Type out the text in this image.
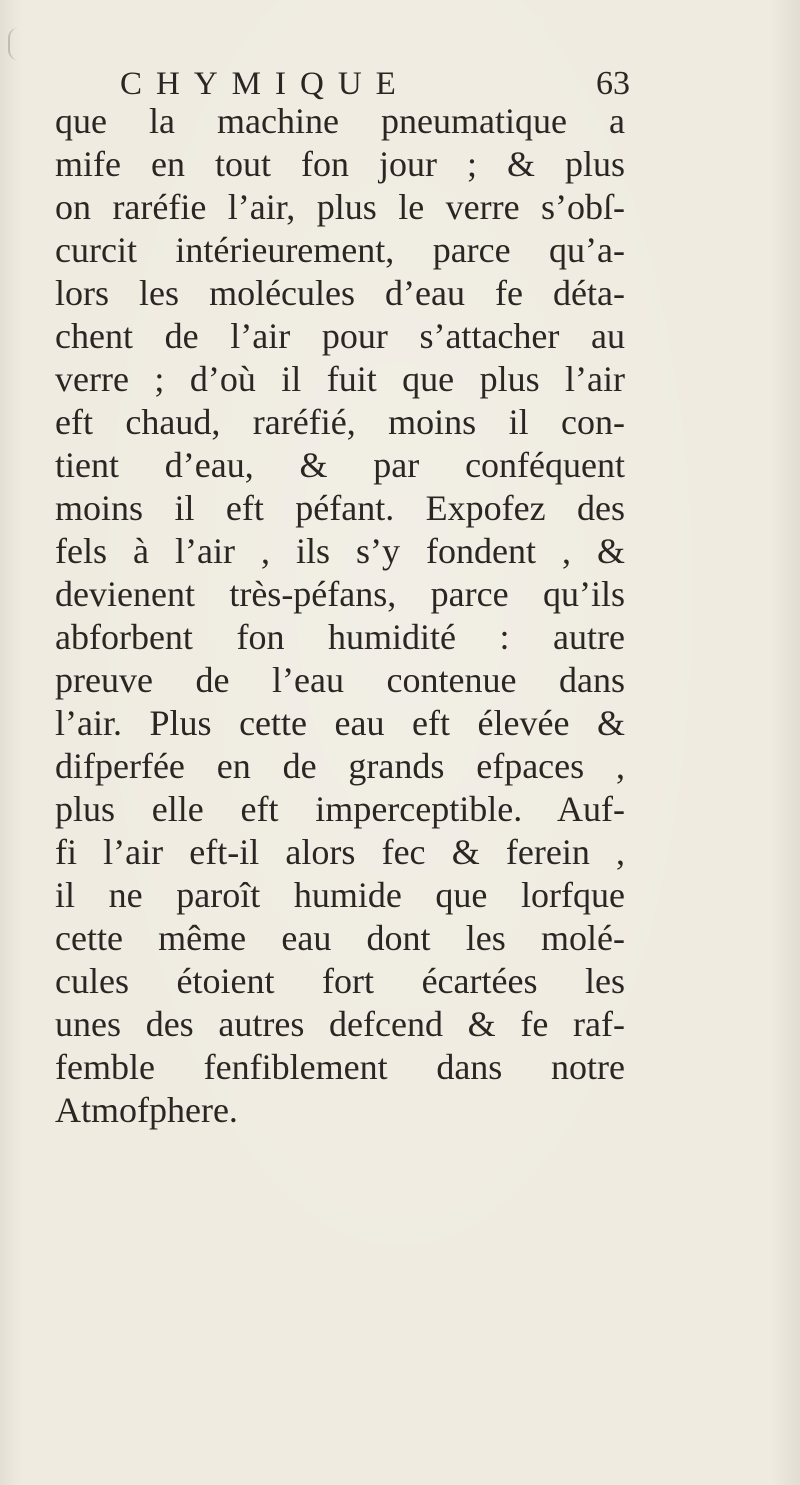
CHYMIQUE	63
que la machine pneumatique a
mife en tout fon jour ; & plus
on raréfie l’air, plus le verre s’obſ-
curcit intérieurement, parce qu’a-
lors les molécules d’eau fe déta-
chent de l’air pour s’attacher au
verre ; d’où il fuit que plus l’air
eft chaud, raréfié, moins il con-
tient d’eau, & par conféquent
moins il eft péfant. Expofez des
fels à l’air , ils s’y fondent , &
devienent très-péfans, parce qu’ils
abforbent fon humidité : autre
preuve de l’eau contenue dans
l’air. Plus cette eau eft élevée &
difperfée en de grands efpaces ,
plus elle eft imperceptible. Auf-
fi l’air eft-il alors fec & ferein ,
il ne paroît humide que lorfque
cette même eau dont les molé-
cules étoient fort écartées les
unes des autres defcend & fe raf-
femble fenfiblement dans notre
Atmofphere.
